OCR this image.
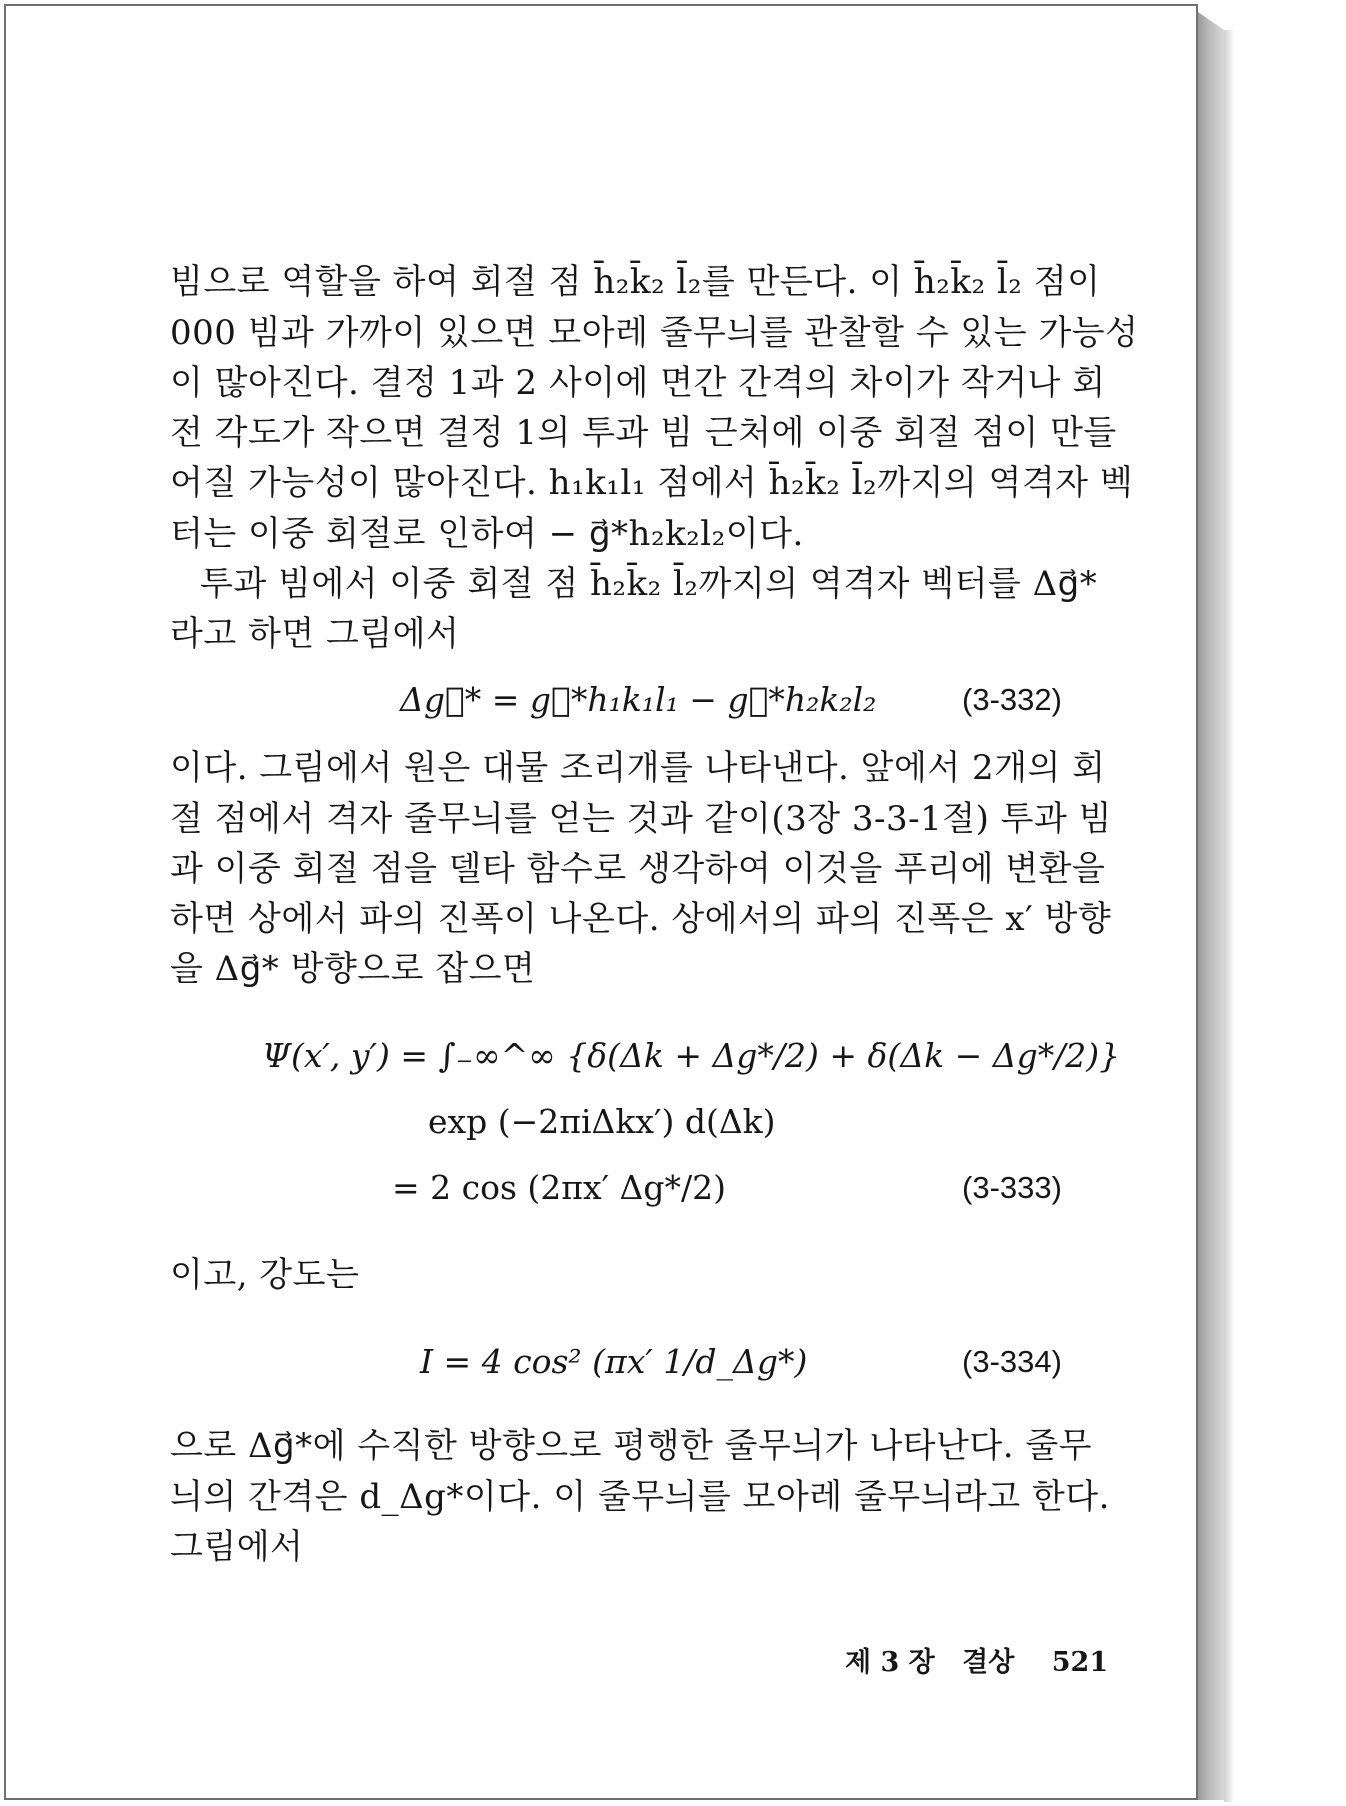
빔으로 역할을 하여 회절 점 h̄₂k̄₂ l̄₂를 만든다. 이 h̄₂k̄₂ l̄₂ 점이
000 빔과 가까이 있으면 모아레 줄무늬를 관찰할 수 있는 가능성
이 많아진다. 결정 1과 2 사이에 면간 간격의 차이가 작거나 회
전 각도가 작으면 결정 1의 투과 빔 근처에 이중 회절 점이 만들
어질 가능성이 많아진다. h₁k₁l₁ 점에서 h̄₂k̄₂ l̄₂까지의 역격자 벡
터는 이중 회절로 인하여 − g⃗*h₂k₂l₂이다.
투과 빔에서 이중 회절 점 h̄₂k̄₂ l̄₂까지의 역격자 벡터를 Δg⃗*
라고 하면 그림에서
Δg⃗* = g⃗*h₁k₁l₁ − g⃗*h₂k₂l₂	(3-332)
이다. 그림에서 원은 대물 조리개를 나타낸다. 앞에서 2개의 회
절 점에서 격자 줄무늬를 얻는 것과 같이(3장 3-3-1절) 투과 빔
과 이중 회절 점을 델타 함수로 생각하여 이것을 푸리에 변환을
하면 상에서 파의 진폭이 나온다. 상에서의 파의 진폭은 x′ 방향
을 Δg⃗* 방향으로 잡으면
Ψ(x′, y′) = ∫₋∞^∞ {δ(Δk + Δg*/2) + δ(Δk − Δg*/2)}
exp (−2πiΔkx′) d(Δk)
= 2 cos (2πx′ Δg*/2)	(3-333)
이고, 강도는
I = 4 cos² (πx′ 1/d_Δg*)	(3-334)
으로 Δg⃗*에 수직한 방향으로 평행한 줄무늬가 나타난다. 줄무
늬의 간격은 d_Δg*이다. 이 줄무늬를 모아레 줄무늬라고 한다.
그림에서
제 3 장 결상 521
